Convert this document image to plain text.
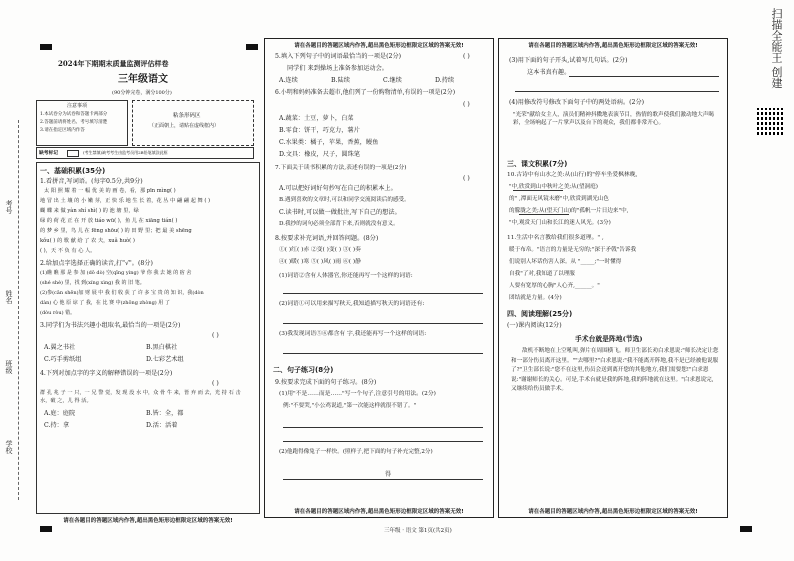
扫描全能王 创建
考号
姓名
班级
学校
2024年下期期末质量监测评估样卷
三年级语文
(90分钟完卷，满分100分)
注意事项
1.本试卷分为试卷和答题卡两部分
2.答题前请将姓名、考号填写清楚
3.请在指定区域内作答
粘条形码区
（正面朝上，请贴在虚线框内）
缺考标记	(考生禁填)缺考考生由监考员用2B铅笔填涂此框
一、基础积累(35分)
1.看拼音,写词语。(每字0.5分,共9分)
太 阳 照 耀 着 一 幅 优 美 的 画 卷，看，那 pīn mìng( )
地 冒 出 土 壤 的 小 嫩 芽，正 快 乐 地 生 长 着，花 丛 中 翩 翩 起 舞 ( )
蝴 蝶 来 做 yàn shí shì( ) 的 池 塘 里，绿
绿 的 荷 花 正 在 开 放 tiáo wū( )，鱼 儿 在 xiāng tián( )
的 梦 乡 里，鸟 儿 在 fēng shōu( ) 的 田 野 里；把 最 美 shēng
kǒu( ) 的 歌 献 给 了 农 夫，xuǎ huò( )
( )，天 不 负 有 心 人。
2.给加点字选择正确的读音,打"√"。(8分)
(1)瞧 瞧 那 是 参 加 (dǒ dò) 空(qīng yìng) 爷 你 我 去 她 的 宿 舍
(shé shè) 里，找 到(xíng xìng) 我 的 旧 笔。
(2)参(cān shēn)加 财 展 中 我 们 收 获 了 许 多 宝 贵 的 知 识，我(dòn
dàn) 心 他 原 谅 了 我，在 比 赛 中(zhōng zhòng) 用 了
(dòu ròu) 错。
3.同学们为书法兴趣小组取名,最恰当的一项是(2分)
( )
A.翼之书社	B.黑白棋社
C.巧手剪纸组	D.七彩艺术组
4.下列对加点字的字义的解释错误的一项是(2分)
( )
群 孔 兆 子 一 只，一 兄 警 觉，发 现 没 水 中，众 骨 牛 来，皆 弃 而 去，光 持 石 击 水，破 之，儿 得 活。
A.庭：庭院	B.皆：全，都
C.持：拿	D.活：活着
请在各题目的答题区域内作答,超出黑色矩形边框限定区域的答案无效!
请在各题目的答题区域内作答,超出黑色矩形边框限定区域的答案无效!
5.填入下列句子中的词语最恰当的一项是(2分)	( )
同学们 来到操场上准备参加运动会。
A.连续	B.陆续	C.继续	D.持续
6.小明和妈妈准备去超市,他们列了一份购物清单,有误的一项是(2分)
( )
A.蔬菜：土豆，萝卜，白菜
B.零食：饼干，巧克力，薯片
C.水果类：橘子，苹果，香蕉，鳗鱼
D.文具：橡皮，尺子，圆珠笔
7.下面关于读书积累的方法,表述有误的一项是(2分)
( )
A.可以把好词好句抄写在自己的积累本上。
B.遇到喜欢的文章时,可以和同学交流阅读后的感受。
C.读书时,可以做一做批注,写下自己的想法。
D.我抄的词句必须全部背下来,否则就没有意义。
8.按要求补充词语,并回答问题。(8分)
①( )红( )赤 ②变( )变( ) ③( )奏
④( )暖( )寒 ⑤( )风( )雨 ⑥( )静
(1)词语②含有人体器官,你还能再写一个这样的词语:
(2)词语①可以用来描写秋天,我知道描写秋天的词语还有:
(3)我发现词语⑤⑥都含有 字,我还能再写一个这样的词语:
二、句子练习(8分)
9.按要求完成下面的句子练习。(8分)
(1)用"不是……而是……"写一个句子,注意引号的用法。(2分)
例:"不要哭,"小公鸡说道,"第一次能这样就很不错了。"
(2)他跑得像兔子一样快。(照样子,把下面的句子补充完整,2分)
得
请在各题目的答题区域内作答,超出黑色矩形边框限定区域的答案无效!
请在各题目的答题区域内作答,超出黑色矩形边框限定区域的答案无效!
(3)用下面的句子开头,试着写几句话。(2分)
这本书真有趣。
(4)用修改符号修改下面句子中的两处语病。(2分)
"光荣"献给女主人，演员们精神抖擞地表演节目，热情的歌声使我们激动地大声喝彩，全场响起了一片掌声以及台下的观众，我们都非常开心。
三、课文积累(7分)
10.古诗中有山水之美:从(山行)的"停车坐爱枫林晚,
"中,欣赏到山中秋叶之美;从(望洞庭)
的" ,潭面无风镜未磨"中,欣赏到湖光山色
的朦胧之美;从(望天门山)的"孤帆一片日边来"中,
"中,观赏天门山和长江的迷人风光。(3分)
11.生活中名言教给我们很多道理。" ,
暖于布帛。"语言的力量是无穷的;"深于矛戟"告诉我
们说别人坏话伤害人深。从 "_____;"一时懂得
自我"了对,我知道了以理服
人要有宽厚的心胸"人心齐,______。"
团结就是力量。(4分)
四、阅读理解(25分)
(一)课内阅读(12分)
手术台就是阵地(节选)
敌机不断地在上空吼叫,弹片在周围横飞。师卫生部长劝白求恩说:"师长决定让您和一部分伤员离开这里。""去哪里?"白求恩说:"我不能离开阵地,我不是已经被他说服了?"卫生部长说:"您不在这里,伤员会送到离开您的其他地方,我们需要您!"白求恩说:"谢谢师长的关心。可是,手术台就是我的阵地,我的阵地就在这里。"白求恩说完,又继续给伤员做手术。
请在各题目的答题区域内作答,超出黑色矩形边框限定区域的答案无效!
三年级 · 语文 第1页(共2页)
